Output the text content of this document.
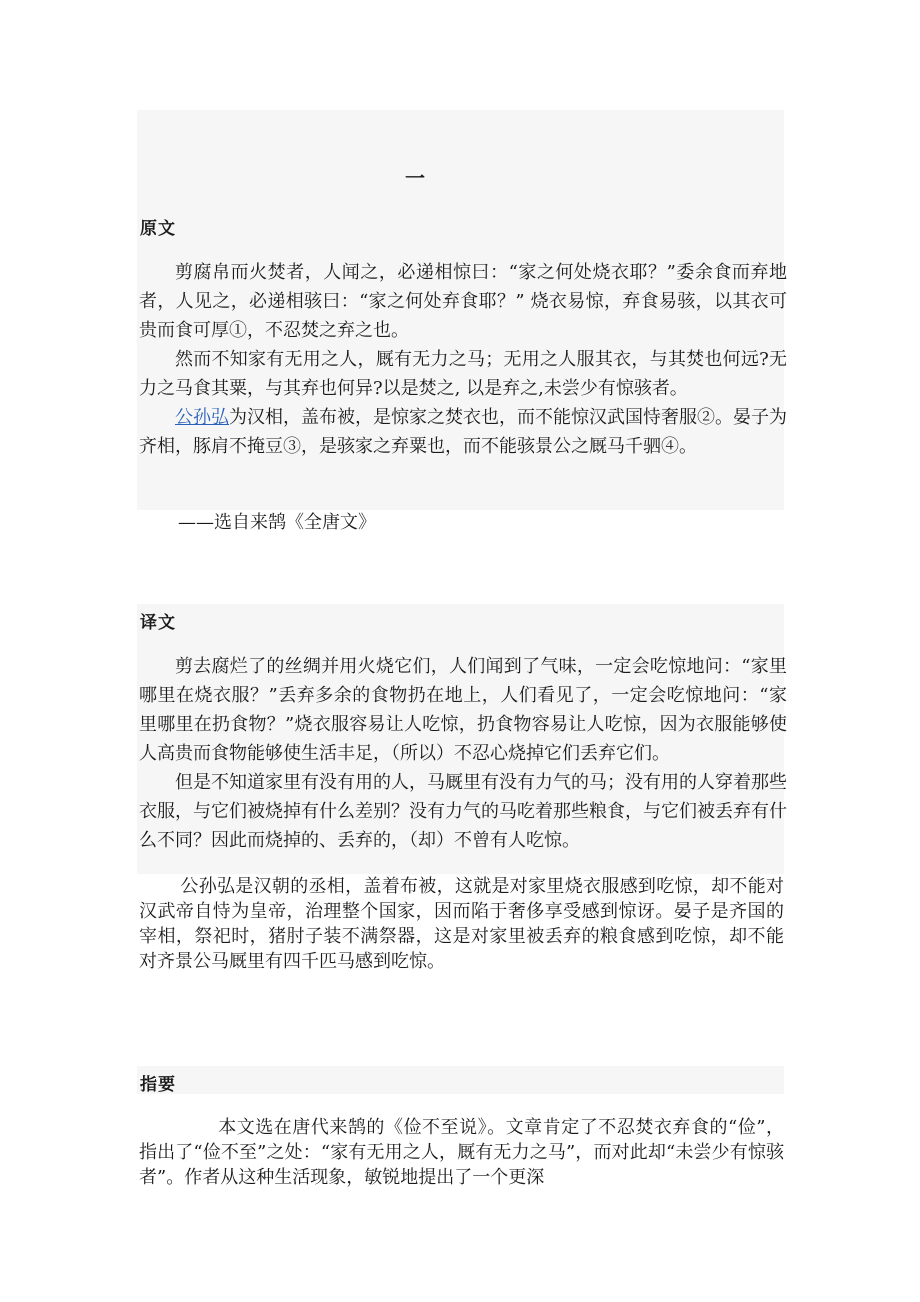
一
原文

剪腐帛而火焚者，人闻之，必递相惊曰：“家之何处烧衣耶？”委余食而弃地者，人见之，必递相骇曰：“家之何处弃食耶？” 烧衣易惊，弃食易骇，以其衣可贵而食可厚①，不忍焚之弃之也。

然而不知家有无用之人，厩有无力之马；无用之人服其衣，与其焚也何远?无力之马食其粟，与其弃也何异?以是焚之, 以是弃之,未尝少有惊骇者。

公孙弘为汉相，盖布被，是惊家之焚衣也，而不能惊汉武国恃奢服②。晏子为齐相，豚肩不掩豆③，是骇家之弃粟也，而不能骇景公之厩马千驷④。

——选自来鹄《全唐文》
译文

剪去腐烂了的丝绸并用火烧它们，人们闻到了气味，一定会吃惊地问：“家里哪里在烧衣服？”丢弃多余的食物扔在地上，人们看见了，一定会吃惊地问：“家里哪里在扔食物？”烧衣服容易让人吃惊，扔食物容易让人吃惊，因为衣服能够使人高贵而食物能够使生活丰足，（所以）不忍心烧掉它们丢弃它们。

但是不知道家里有没有用的人，马厩里有没有力气的马；没有用的人穿着那些衣服，与它们被烧掉有什么差别？没有力气的马吃着那些粮食，与它们被丢弃有什么不同？因此而烧掉的、丢弃的，（却）不曾有人吃惊。

公孙弘是汉朝的丞相，盖着布被，这就是对家里烧衣服感到吃惊，却不能对汉武帝自恃为皇帝，治理整个国家，因而陷于奢侈享受感到惊讶。晏子是齐国的宰相，祭祀时，猪肘子装不满祭器，这是对家里被丢弃的粮食感到吃惊，却不能对齐景公马厩里有四千匹马感到吃惊。

指要

本文选在唐代来鹄的《俭不至说》。文章肯定了不忍焚衣弃食的“俭”，指出了“俭不至”之处：“家有无用之人，厩有无力之马”，而对此却“未尝少有惊骇者”。作者从这种生活现象，敏锐地提出了一个更深
